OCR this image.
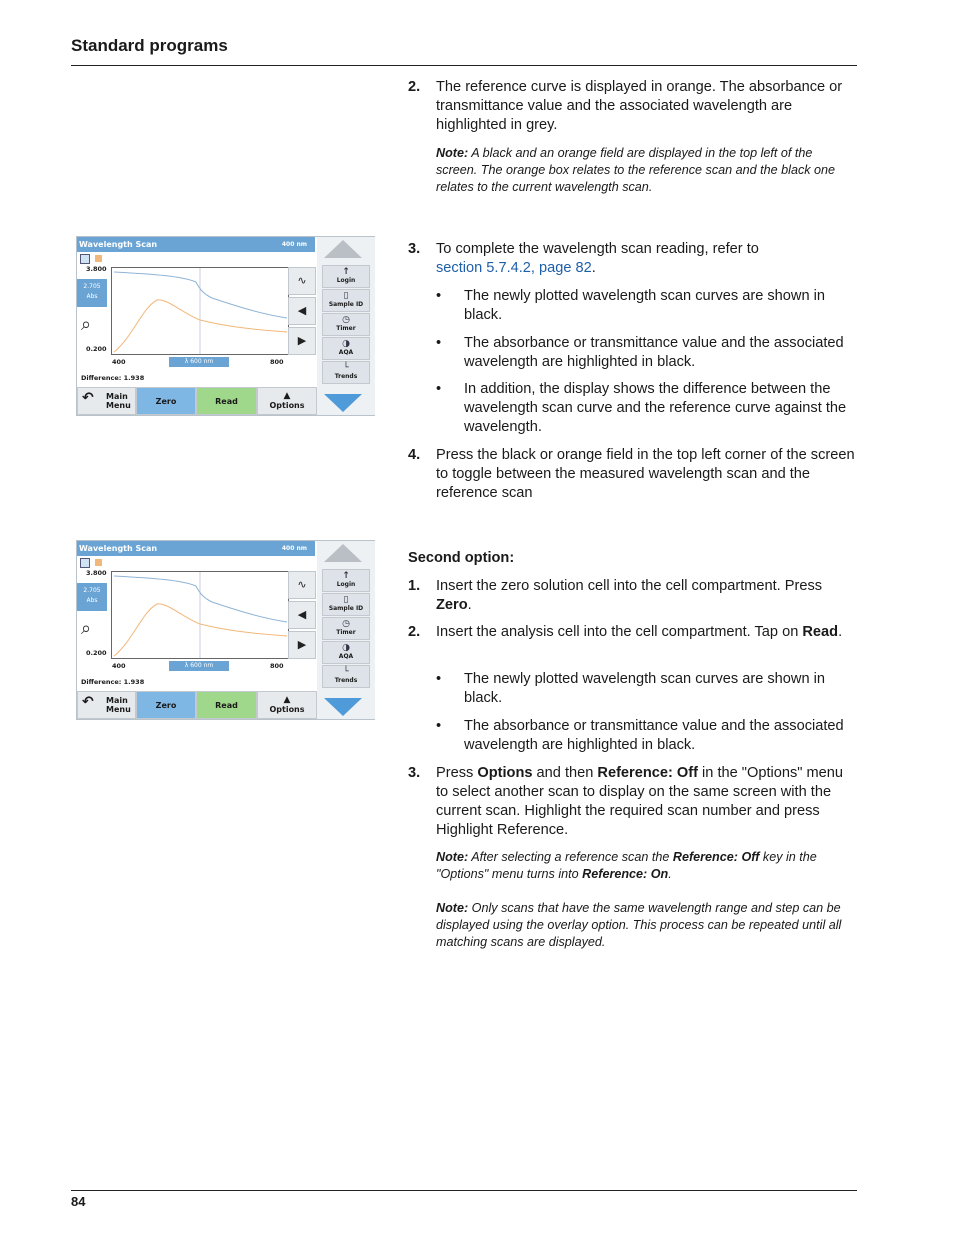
Standard programs
2. The reference curve is displayed in orange. The absorbance or transmittance value and the associated wavelength are highlighted in grey.
Note: A black and an orange field are displayed in the top left of the screen. The orange box relates to the reference scan and the black one relates to the current wavelength scan.
3. To complete the wavelength scan reading, refer to
section 5.7.4.2, page 82.
• The newly plotted wavelength scan curves are shown in black.
• The absorbance or transmittance value and the associated wavelength are highlighted in black.
• In addition, the display shows the difference between the wavelength scan curve and the reference curve against the wavelength.
4. Press the black or orange field in the top left corner of the screen to toggle between the measured wavelength scan and the reference scan
Second option:
1. Insert the zero solution cell into the cell compartment. Press Zero.
2. Insert the analysis cell into the cell compartment. Tap on Read.
• The newly plotted wavelength scan curves are shown in black.
• The absorbance or transmittance value and the associated wavelength are highlighted in black.
3. Press Options and then Reference: Off in the "Options" menu to select another scan to display on the same screen with the current scan. Highlight the required scan number and press Highlight Reference.
Note: After selecting a reference scan the Reference: Off key in the "Options" menu turns into Reference: On.
Note: Only scans that have the same wavelength range and step can be displayed using the overlay option. This process can be repeated until all matching scans are displayed.
Wavelength Scan	400 nm
3.800
2.705
Abs
⌕
0.200
400	λ 600 nm	800
Difference: 1.938
∿
◀
▶
↑
Login
▯
Sample ID
◷
Timer
◑
AQA
└
Trends
↶ Main
Menu	Zero	Read
▲
Options
Wavelength Scan	400 nm
3.800
2.705
Abs
⌕
0.200
400	λ 600 nm	800
Difference: 1.938
∿
◀
▶
↑
Login
▯
Sample ID
◷
Timer
◑
AQA
└
Trends
↶ Main
Menu	Zero	Read
▲
Options
84
